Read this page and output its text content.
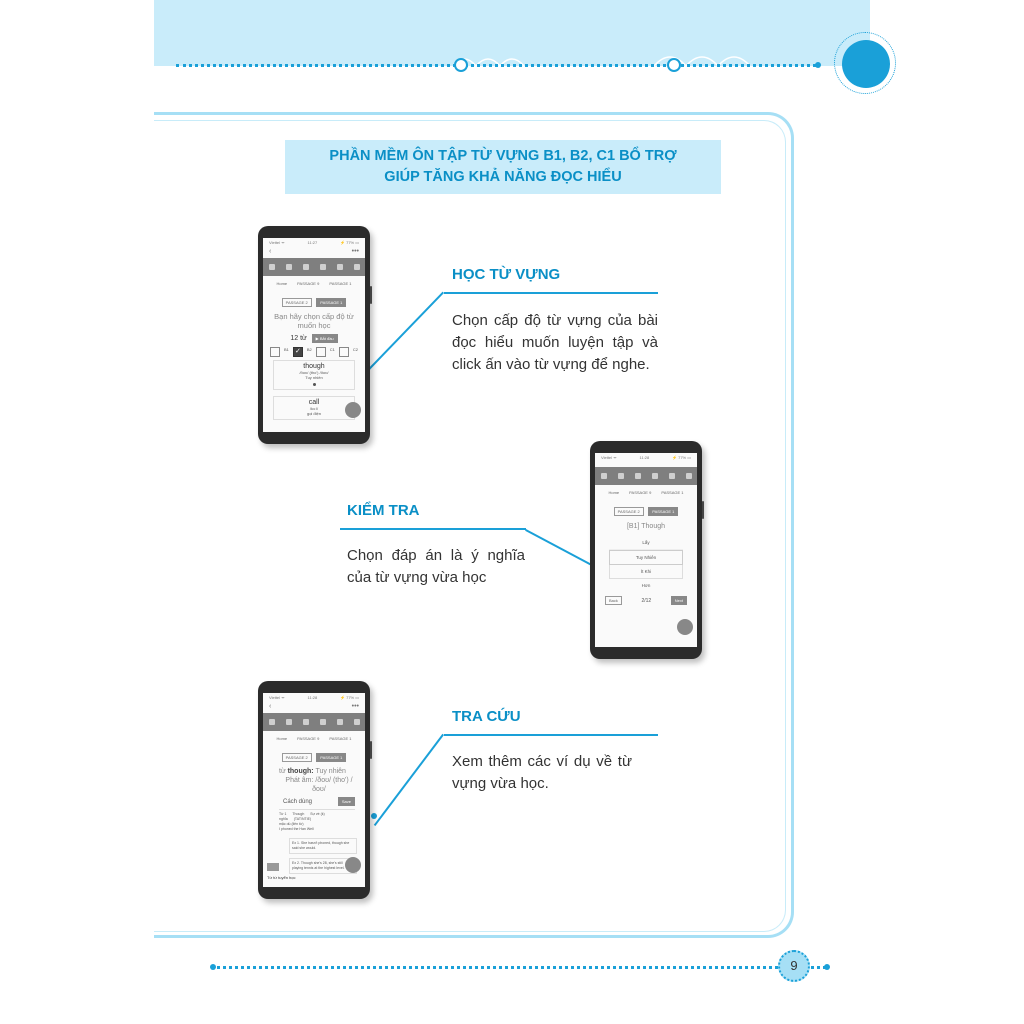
PHẦN MỀM ÔN TẬP TỪ VỰNG B1, B2, C1 BỔ TRỢ
GIÚP TĂNG KHẢ NĂNG ĐỌC HIỂU
HỌC TỪ VỰNG
Chọn cấp độ từ vựng của bài đọc hiểu muốn luyện tập và click ấn vào từ vựng để nghe.
Viettel ᯤ	11:27	⚡ 77% ▭
‹	•••
Home	PASSAGE 9	PASSAGE 1
PASSAGE 2	PASSAGE 1
Bạn hãy chọn cấp độ từ muốn học
12 từ ▶ Bắt đầu
B1 ✓	B2	C1	C2
though
/ðoʊ/ (tho') /ðoʊ/
Tuy nhiên
call
/kɔːl/
gọi điện
KIỂM TRA
Chọn đáp án là ý nghĩa của từ vựng vừa học
Viettel ᯤ	11:28	⚡ 77% ▭
Home	PASSAGE 9	PASSAGE 1
PASSAGE 2	PASSAGE 1
[B1] Though
Lấy
Tuy Nhiên
Ít Khi
Hơn
Back	2/12	Next
TRA CỨU
Xem thêm các ví dụ về từ vựng vừa học.
Viettel ᯤ	11:28	⚡ 77% ▭
‹	•••
Home	PASSAGE 9	PASSAGE 1
PASSAGE 2	PASSAGE 1
từ though: Tuy nhiên
Phát âm: /ðoʊ/ (tho') / ðoʊ/
Cách dùng	Save
Từ 1 Though Sự về (k)
nghĩa (TAT/NTIE)
mặc dù (liên từ)
I phoned the Han Well
Ex 1. She hasn't phoned, though she said she would.
Ex 2. Though she's 28, she's still playing tennis at the highest level.
Từ từ tuyển học
9
